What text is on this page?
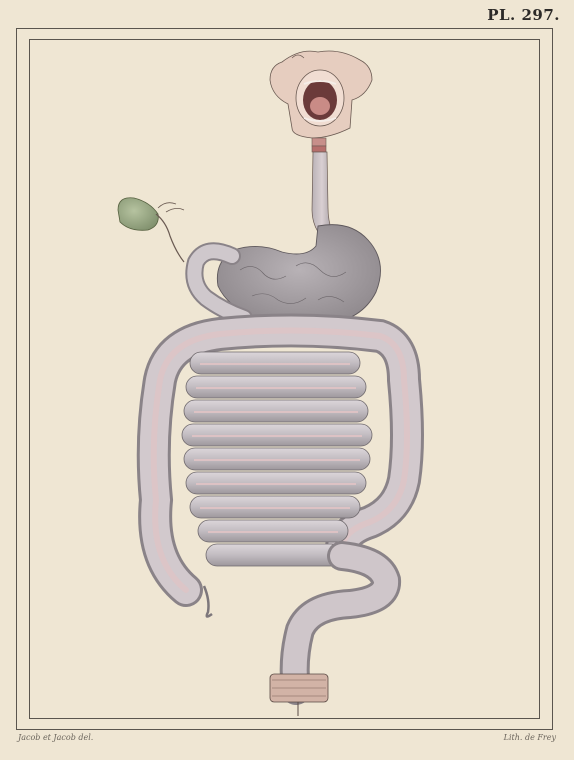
PL. 297.
Jacob et Jacob del.	Lith. de Frey
